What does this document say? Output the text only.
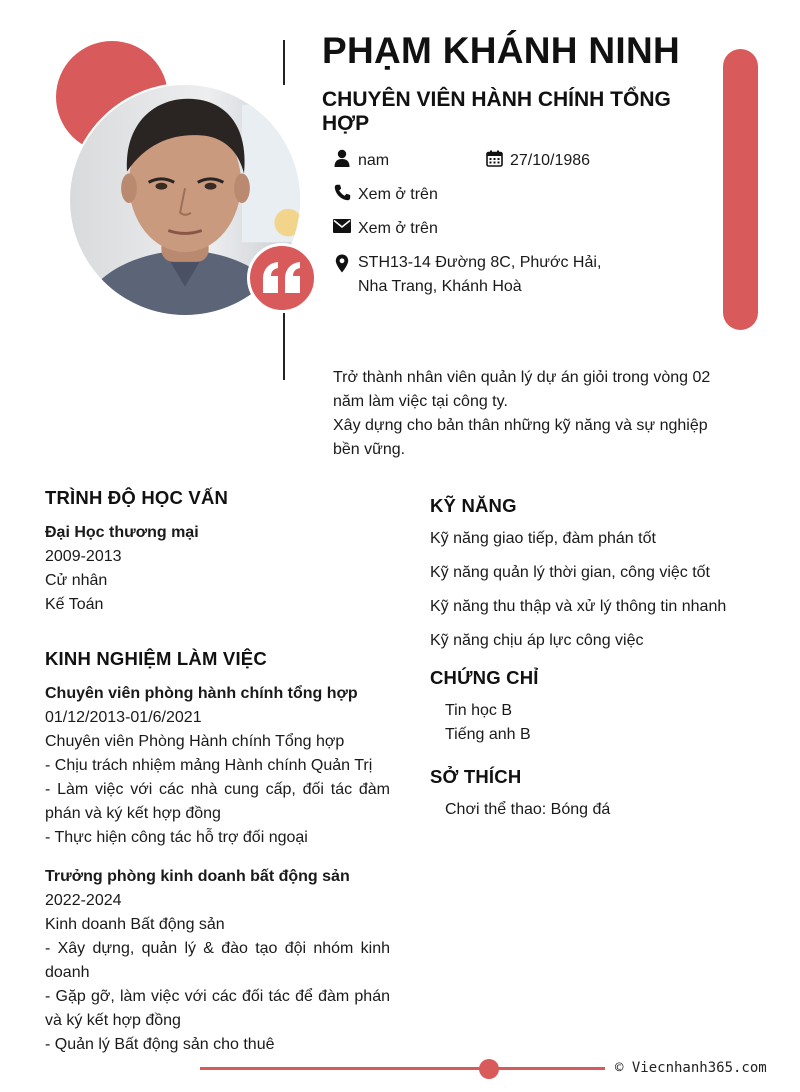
PHẠM KHÁNH NINH
CHUYÊN VIÊN HÀNH CHÍNH TỔNG HỢP
nam	27/10/1986
Xem ở trên
Xem ở trên
STH13-14 Đường 8C, Phước Hải,
Nha Trang, Khánh Hoà
Trở thành nhân viên quản lý dự án giỏi trong vòng 02
năm làm việc tại công ty.
Xây dựng cho bản thân những kỹ năng và sự nghiệp
bền vững.
TRÌNH ĐỘ HỌC VẤN
Đại Học thương mại
2009-2013
Cử nhân
Kế Toán
KINH NGHIỆM LÀM VIỆC
Chuyên viên phòng hành chính tổng hợp
01/12/2013-01/6/2021
Chuyên viên Phòng Hành chính Tổng hợp
- Chịu trách nhiệm mảng Hành chính Quản Trị
- Làm việc với các nhà cung cấp, đối tác đàm phán và ký kết hợp đồng
- Thực hiện công tác hỗ trợ đối ngoại
Trưởng phòng kinh doanh bất động sản
2022-2024
Kinh doanh Bất động sản
- Xây dựng, quản lý & đào tạo đội nhóm kinh doanh
- Gặp gỡ, làm việc với các đối tác để đàm phán và ký kết hợp đồng
- Quản lý Bất động sản cho thuê
KỸ NĂNG
Kỹ năng giao tiếp, đàm phán tốt
Kỹ năng quản lý thời gian, công việc tốt
Kỹ năng thu thập và xử lý thông tin nhanh
Kỹ năng chịu áp lực công việc
CHỨNG CHỈ
Tin học B
Tiếng anh B
SỞ THÍCH
Chơi thể thao: Bóng đá
© Viecnhanh365.com
